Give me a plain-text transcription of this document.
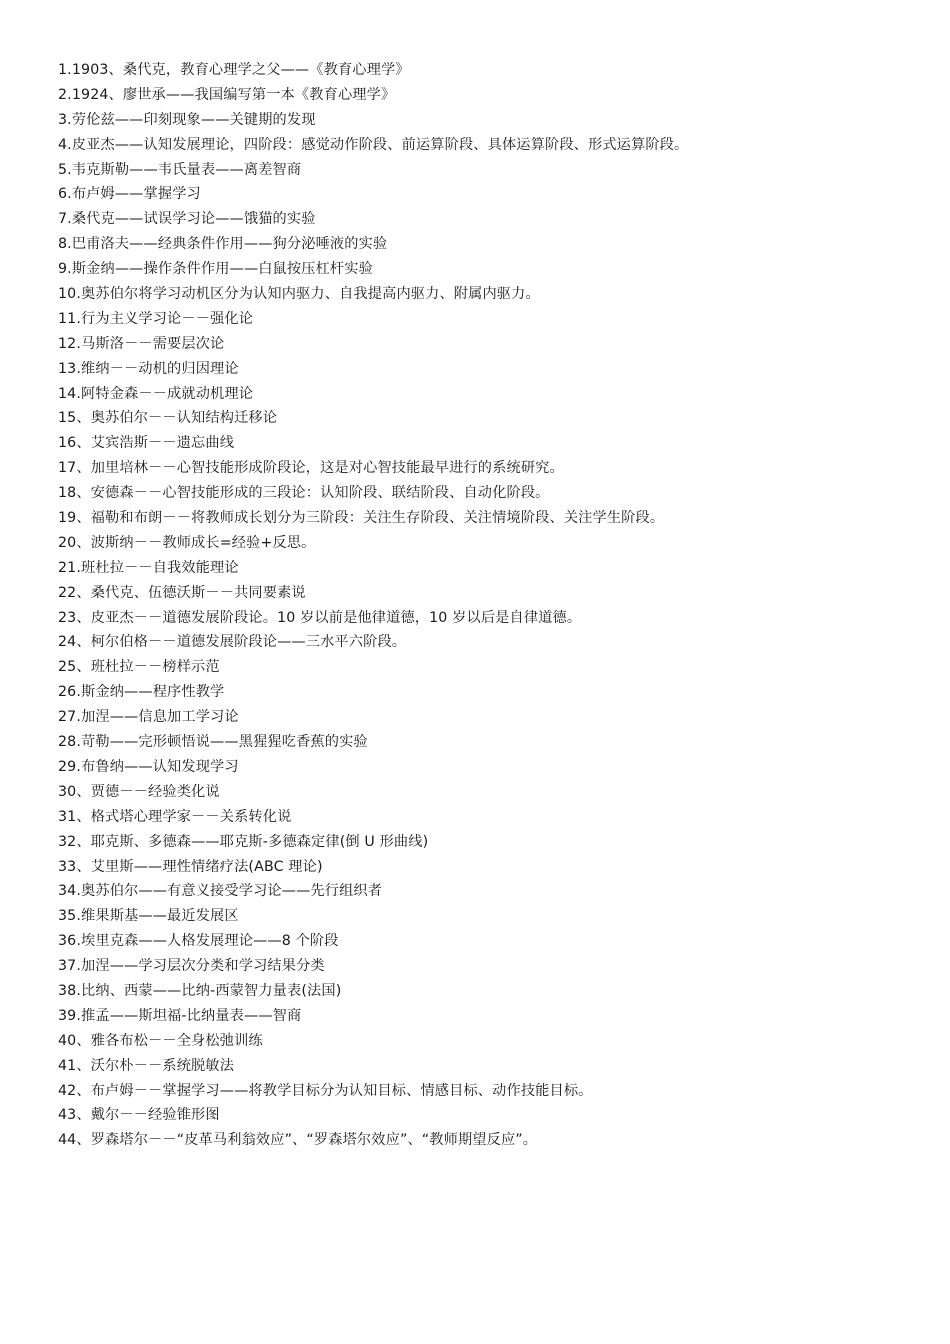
1.1903、桑代克，教育心理学之父——《教育心理学》
2.1924、廖世承——我国编写第一本《教育心理学》
3.劳伦兹——印刻现象——关键期的发现
4.皮亚杰——认知发展理论，四阶段：感觉动作阶段、前运算阶段、具体运算阶段、形式运算阶段。
5.韦克斯勒——韦氏量表——离差智商
6.布卢姆——掌握学习
7.桑代克——试误学习论——饿猫的实验
8.巴甫洛夫——经典条件作用——狗分泌唾液的实验
9.斯金纳——操作条件作用——白鼠按压杠杆实验
10.奥苏伯尔将学习动机区分为认知内驱力、自我提高内驱力、附属内驱力。
11.行为主义学习论－－强化论
12.马斯洛－－需要层次论
13.维纳－－动机的归因理论
14.阿特金森－－成就动机理论
15、奥苏伯尔－－认知结构迁移论
16、艾宾浩斯－－遗忘曲线
17、加里培林－－心智技能形成阶段论，这是对心智技能最早进行的系统研究。
18、安德森－－心智技能形成的三段论：认知阶段、联结阶段、自动化阶段。
19、福勒和布朗－－将教师成长划分为三阶段：关注生存阶段、关注情境阶段、关注学生阶段。
20、波斯纳－－教师成长=经验+反思。
21.班杜拉－－自我效能理论
22、桑代克、伍德沃斯－－共同要素说
23、皮亚杰－－道德发展阶段论。10 岁以前是他律道德，10 岁以后是自律道德。
24、柯尔伯格－－道德发展阶段论——三水平六阶段。
25、班杜拉－－榜样示范
26.斯金纳——程序性教学
27.加涅——信息加工学习论
28.苛勒——完形顿悟说——黑猩猩吃香蕉的实验
29.布鲁纳——认知发现学习
30、贾德－－经验类化说
31、格式塔心理学家－－关系转化说
32、耶克斯、多德森——耶克斯-多德森定律(倒 U 形曲线)
33、艾里斯——理性情绪疗法(ABC 理论)
34.奥苏伯尔——有意义接受学习论——先行组织者
35.维果斯基——最近发展区
36.埃里克森——人格发展理论——8 个阶段
37.加涅——学习层次分类和学习结果分类
38.比纳、西蒙——比纳-西蒙智力量表(法国)
39.推孟——斯坦福-比纳量表——智商
40、雅各布松－－全身松弛训练
41、沃尔朴－－系统脱敏法
42、布卢姆－－掌握学习——将教学目标分为认知目标、情感目标、动作技能目标。
43、戴尔－－经验锥形图
44、罗森塔尔－－“皮革马利翁效应”、“罗森塔尔效应”、“教师期望反应”。
